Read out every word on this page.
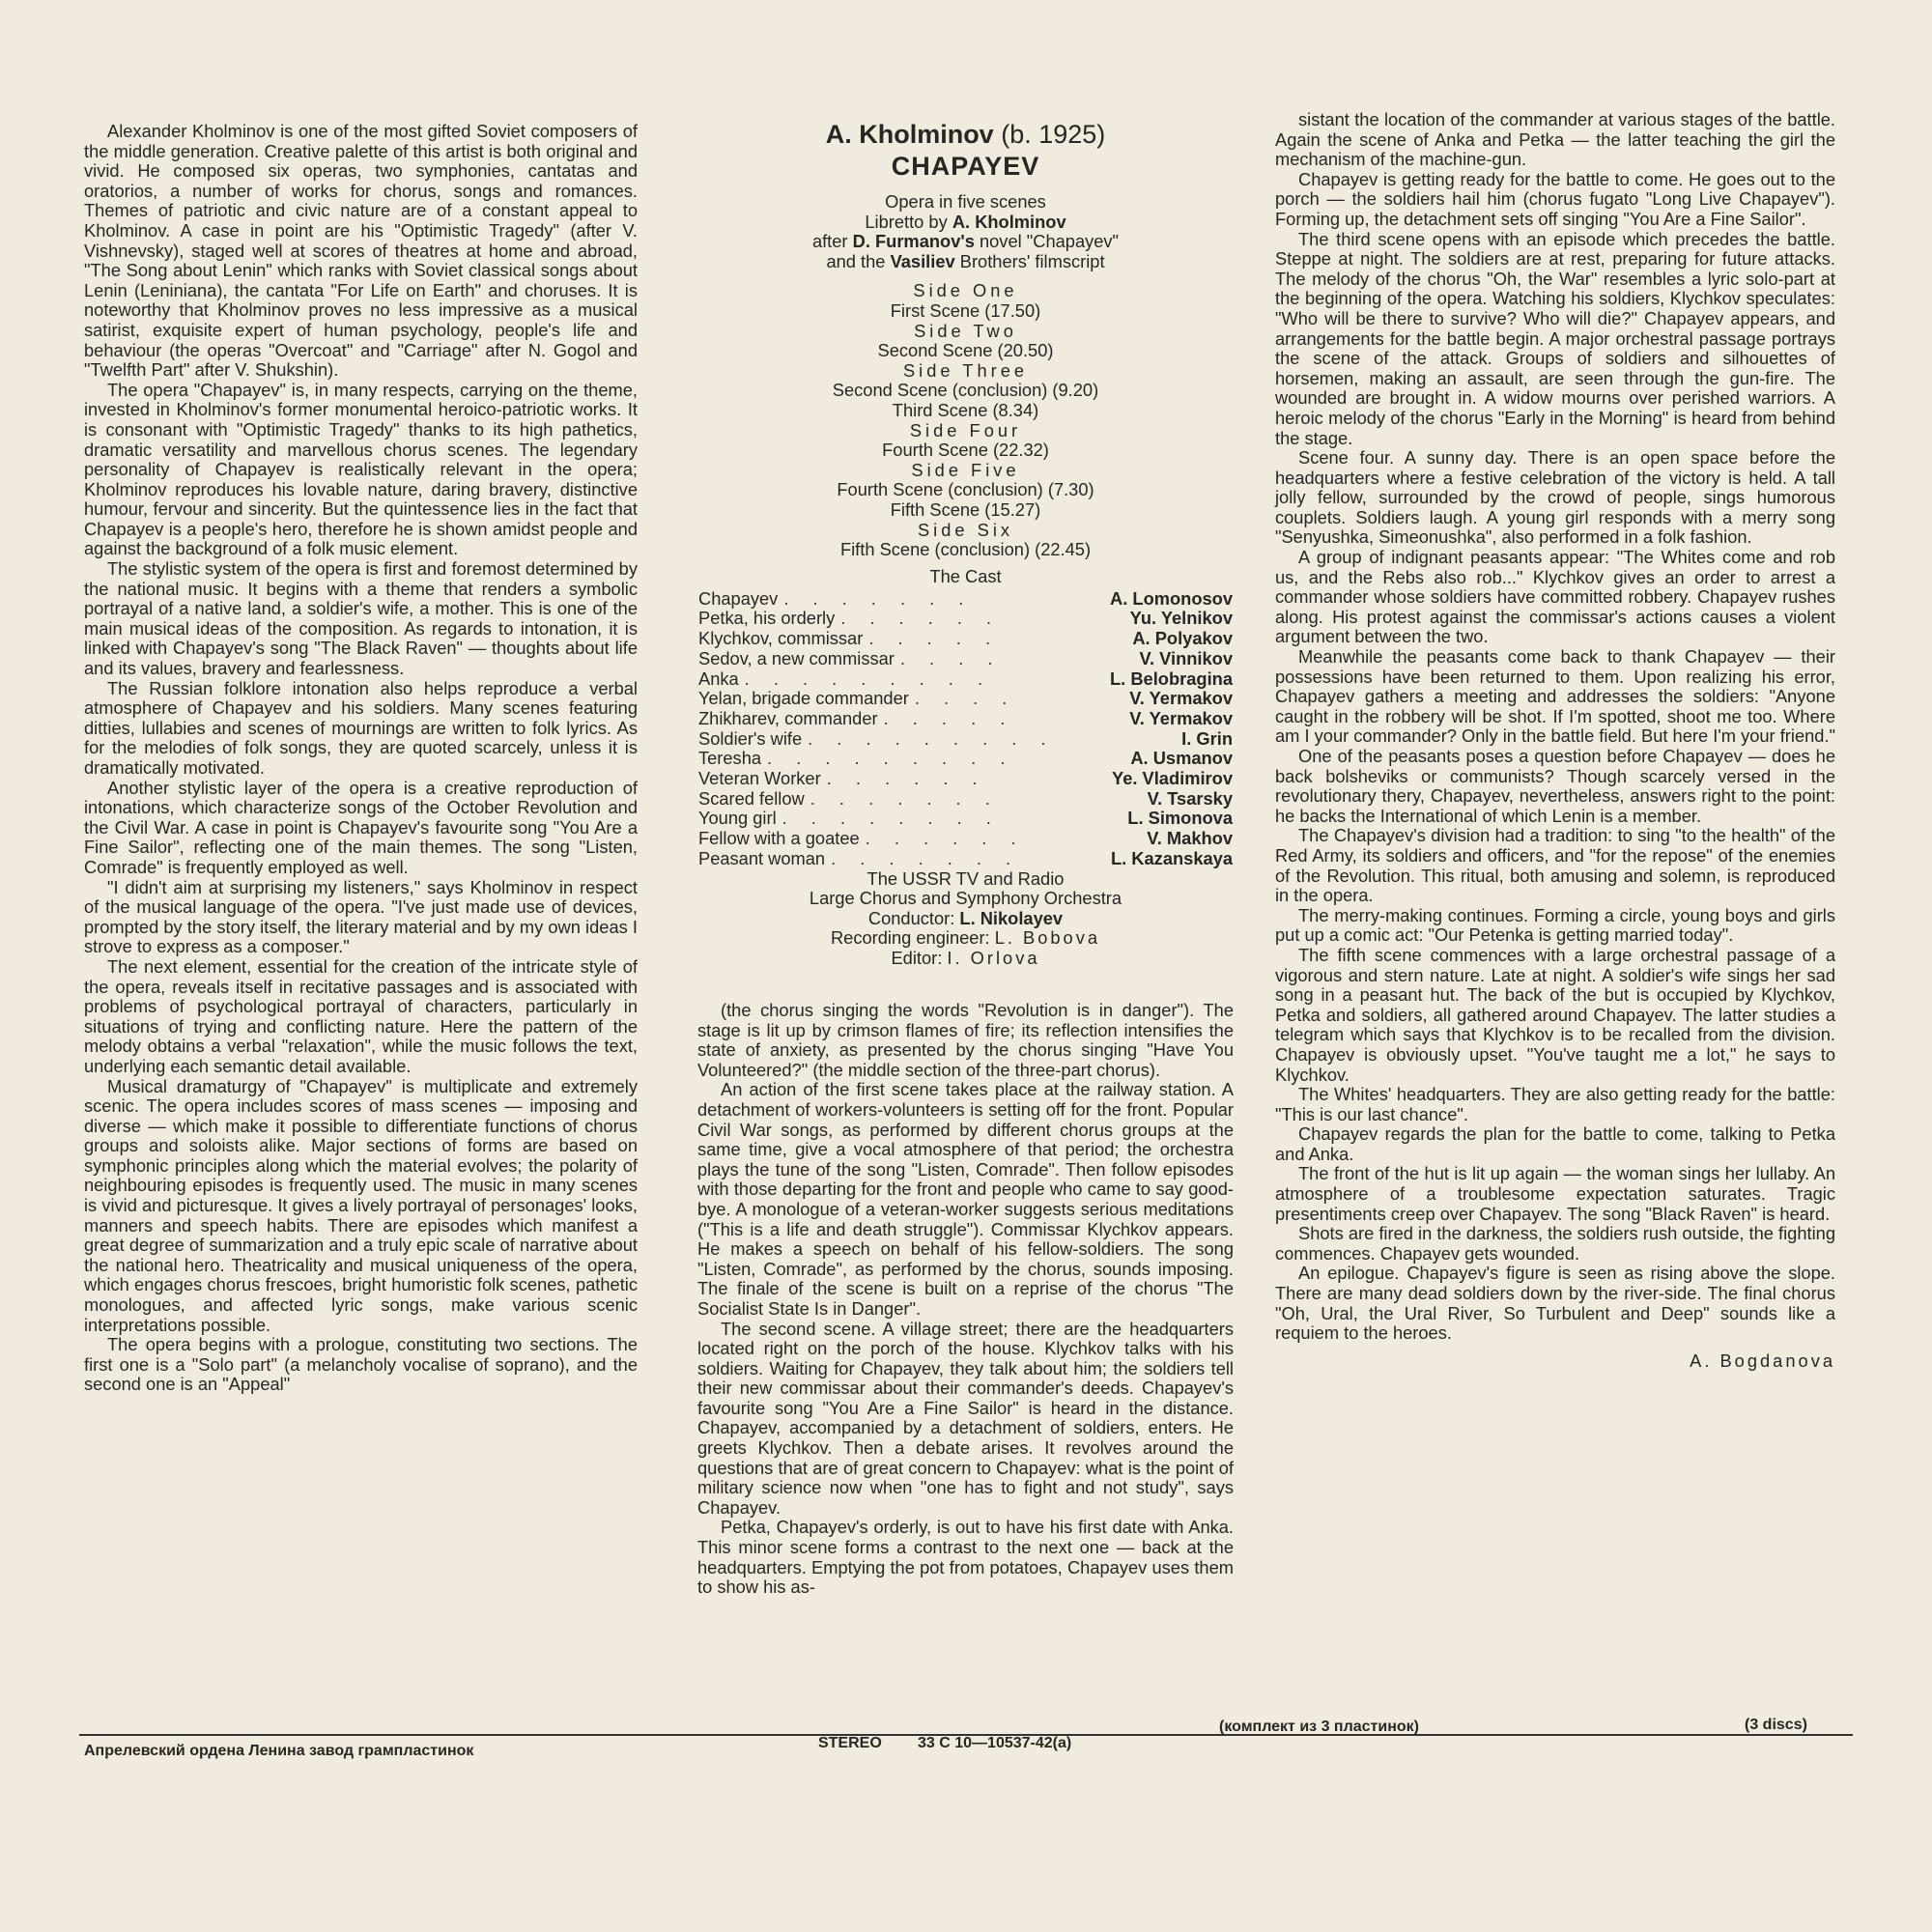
Alexander Kholminov is one of the most gifted Soviet composers of the middle generation. Creative palette of this artist is both original and vivid. He composed six operas, two symphonies, cantatas and oratorios, a number of works for chorus, songs and romances. Themes of patriotic and civic nature are of a constant appeal to Kholminov. A case in point are his "Optimistic Tragedy" (after V. Vishnevsky), staged well at scores of theatres at home and abroad, "The Song about Lenin" which ranks with Soviet classical songs about Lenin (Leniniana), the cantata "For Life on Earth" and choruses. It is noteworthy that Kholminov proves no less impressive as a musical satirist, exquisite expert of human psychology, people's life and behaviour (the operas "Overcoat" and "Carriage" after N. Gogol and "Twelfth Part" after V. Shukshin).

The opera "Chapayev" is, in many respects, carrying on the theme, invested in Kholminov's former monumental heroico-patriotic works. It is consonant with "Optimistic Tragedy" thanks to its high pathetics, dramatic versatility and marvellous chorus scenes. The legendary personality of Chapayev is realistically relevant in the opera; Kholminov reproduces his lovable nature, daring bravery, distinctive humour, fervour and sincerity. But the quintessence lies in the fact that Chapayev is a people's hero, therefore he is shown amidst people and against the background of a folk music element.

The stylistic system of the opera is first and foremost determined by the national music. It begins with a theme that renders a symbolic portrayal of a native land, a soldier's wife, a mother. This is one of the main musical ideas of the composition. As regards to intonation, it is linked with Chapayev's song "The Black Raven" — thoughts about life and its values, bravery and fearlessness.

The Russian folklore intonation also helps reproduce a verbal atmosphere of Chapayev and his soldiers. Many scenes featuring ditties, lullabies and scenes of mournings are written to folk lyrics. As for the melodies of folk songs, they are quoted scarcely, unless it is dramatically motivated.

Another stylistic layer of the opera is a creative reproduction of intonations, which characterize songs of the October Revolution and the Civil War. A case in point is Chapayev's favourite song "You Are a Fine Sailor", reflecting one of the main themes. The song "Listen, Comrade" is frequently employed as well.

"I didn't aim at surprising my listeners," says Kholminov in respect of the musical language of the opera. "I've just made use of devices, prompted by the story itself, the literary material and by my own ideas I strove to express as a composer."

The next element, essential for the creation of the intricate style of the opera, reveals itself in recitative passages and is associated with problems of psychological portrayal of characters, particularly in situations of trying and conflicting nature. Here the pattern of the melody obtains a verbal "relaxation", while the music follows the text, underlying each semantic detail available.

Musical dramaturgy of "Chapayev" is multiplicate and extremely scenic. The opera includes scores of mass scenes — imposing and diverse — which make it possible to differentiate functions of chorus groups and soloists alike. Major sections of forms are based on symphonic principles along which the material evolves; the polarity of neighbouring episodes is frequently used. The music in many scenes is vivid and picturesque. It gives a lively portrayal of personages' looks, manners and speech habits. There are episodes which manifest a great degree of summarization and a truly epic scale of narrative about the national hero. Theatricality and musical uniqueness of the opera, which engages chorus frescoes, bright humoristic folk scenes, pathetic monologues, and affected lyric songs, make various scenic interpretations possible.

The opera begins with a prologue, constituting two sections. The first one is a "Solo part" (a melancholy vocalise of soprano), and the second one is an "Appeal"

A. Kholminov (b. 1925)
CHAPAYEV
Opera in five scenes
Libretto by A. Kholminov
after D. Furmanov's novel "Chapayev"
and the Vasiliev Brothers' filmscript
Side One
First Scene (17.50)
Side Two
Second Scene (20.50)
Side Three
Second Scene (conclusion) (9.20)
Third Scene (8.34)
Side Four
Fourth Scene (22.32)
Side Five
Fourth Scene (conclusion) (7.30)
Fifth Scene (15.27)
Side Six
Fifth Scene (conclusion) (22.45)
The Cast
Chapayev . . . . . . .	A. Lomonosov
Petka, his orderly . . . . . .	Yu. Yelnikov
Klychkov, commissar . . . . .	A. Polyakov
Sedov, a new commissar . . . .	V. Vinnikov
Anka . . . . . . . . .	L. Belobragina
Yelan, brigade commander . . . .	V. Yermakov
Zhikharev, commander . . . . .	V. Yermakov
Soldier's wife . . . . . . . . .	I. Grin
Teresha . . . . . . . . .	A. Usmanov
Veteran Worker . . . . . .	Ye. Vladimirov
Scared fellow . . . . . . .	V. Tsarsky
Young girl . . . . . . . .	L. Simonova
Fellow with a goatee . . . . . .	V. Makhov
Peasant woman . . . . . . .	L. Kazanskaya
The USSR TV and Radio
Large Chorus and Symphony Orchestra
Conductor: L. Nikolayev
Recording engineer: L. Bobova
Editor: I. Orlova

(the chorus singing the words "Revolution is in danger"). The stage is lit up by crimson flames of fire; its reflection intensifies the state of anxiety, as presented by the chorus singing "Have You Volunteered?" (the middle section of the three-part chorus).

An action of the first scene takes place at the railway station. A detachment of workers-volunteers is setting off for the front. Popular Civil War songs, as performed by different chorus groups at the same time, give a vocal atmosphere of that period; the orchestra plays the tune of the song "Listen, Comrade". Then follow episodes with those departing for the front and people who came to say good-bye. A monologue of a veteran-worker suggests serious meditations ("This is a life and death struggle"). Commissar Klychkov appears. He makes a speech on behalf of his fellow-soldiers. The song "Listen, Comrade", as performed by the chorus, sounds imposing. The finale of the scene is built on a reprise of the chorus "The Socialist State Is in Danger".

The second scene. A village street; there are the headquarters located right on the porch of the house. Klychkov talks with his soldiers. Waiting for Chapayev, they talk about him; the soldiers tell their new commissar about their commander's deeds. Chapayev's favourite song "You Are a Fine Sailor" is heard in the distance. Chapayev, accompanied by a detachment of soldiers, enters. He greets Klychkov. Then a debate arises. It revolves around the questions that are of great concern to Chapayev: what is the point of military science now when "one has to fight and not study", says Chapayev.

Petka, Chapayev's orderly, is out to have his first date with Anka. This minor scene forms a contrast to the next one — back at the headquarters. Emptying the pot from potatoes, Chapayev uses them to show his as-

sistant the location of the commander at various stages of the battle. Again the scene of Anka and Petka — the latter teaching the girl the mechanism of the machine-gun.

Chapayev is getting ready for the battle to come. He goes out to the porch — the soldiers hail him (chorus fugato "Long Live Chapayev"). Forming up, the detachment sets off singing "You Are a Fine Sailor".

The third scene opens with an episode which precedes the battle. Steppe at night. The soldiers are at rest, preparing for future attacks. The melody of the chorus "Oh, the War" resembles a lyric solo-part at the beginning of the opera. Watching his soldiers, Klychkov speculates: "Who will be there to survive? Who will die?" Chapayev appears, and arrangements for the battle begin. A major orchestral passage portrays the scene of the attack. Groups of soldiers and silhouettes of horsemen, making an assault, are seen through the gun-fire. The wounded are brought in. A widow mourns over perished warriors. A heroic melody of the chorus "Early in the Morning" is heard from behind the stage.

Scene four. A sunny day. There is an open space before the headquarters where a festive celebration of the victory is held. A tall jolly fellow, surrounded by the crowd of people, sings humorous couplets. Soldiers laugh. A young girl responds with a merry song "Senyushka, Simeonushka", also performed in a folk fashion.

A group of indignant peasants appear: "The Whites come and rob us, and the Rebs also rob..." Klychkov gives an order to arrest a commander whose soldiers have committed robbery. Chapayev rushes along. His protest against the commissar's actions causes a violent argument between the two.

Meanwhile the peasants come back to thank Chapayev — their possessions have been returned to them. Upon realizing his error, Chapayev gathers a meeting and addresses the soldiers: "Anyone caught in the robbery will be shot. If I'm spotted, shoot me too. Where am I your commander? Only in the battle field. But here I'm your friend."

One of the peasants poses a question before Chapayev — does he back bolsheviks or communists? Though scarcely versed in the revolutionary thery, Chapayev, nevertheless, answers right to the point: he backs the International of which Lenin is a member.

The Chapayev's division had a tradition: to sing "to the health" of the Red Army, its soldiers and officers, and "for the repose" of the enemies of the Revolution. This ritual, both amusing and solemn, is reproduced in the opera.

The merry-making continues. Forming a circle, young boys and girls put up a comic act: "Our Petenka is getting married today".

The fifth scene commences with a large orchestral passage of a vigorous and stern nature. Late at night. A soldier's wife sings her sad song in a peasant hut. The back of the but is occupied by Klychkov, Petka and soldiers, all gathered around Chapayev. The latter studies a telegram which says that Klychkov is to be recalled from the division. Chapayev is obviously upset. "You've taught me a lot," he says to Klychkov.

The Whites' headquarters. They are also getting ready for the battle: "This is our last chance".

Chapayev regards the plan for the battle to come, talking to Petka and Anka.

The front of the hut is lit up again — the woman sings her lullaby. An atmosphere of a troublesome expectation saturates. Tragic presentiments creep over Chapayev. The song "Black Raven" is heard.

Shots are fired in the darkness, the soldiers rush outside, the fighting commences. Chapayev gets wounded.

An epilogue. Chapayev's figure is seen as rising above the slope. There are many dead soldiers down by the river-side. The final chorus "Oh, Ural, the Ural River, So Turbulent and Deep" sounds like a requiem to the heroes.

A. Bogdanova
Апрелевский ордена Ленина завод грампластинок	STEREO 33 С 10—10537-42(а)
(комплект из 3 пластинок)	(3 discs)
